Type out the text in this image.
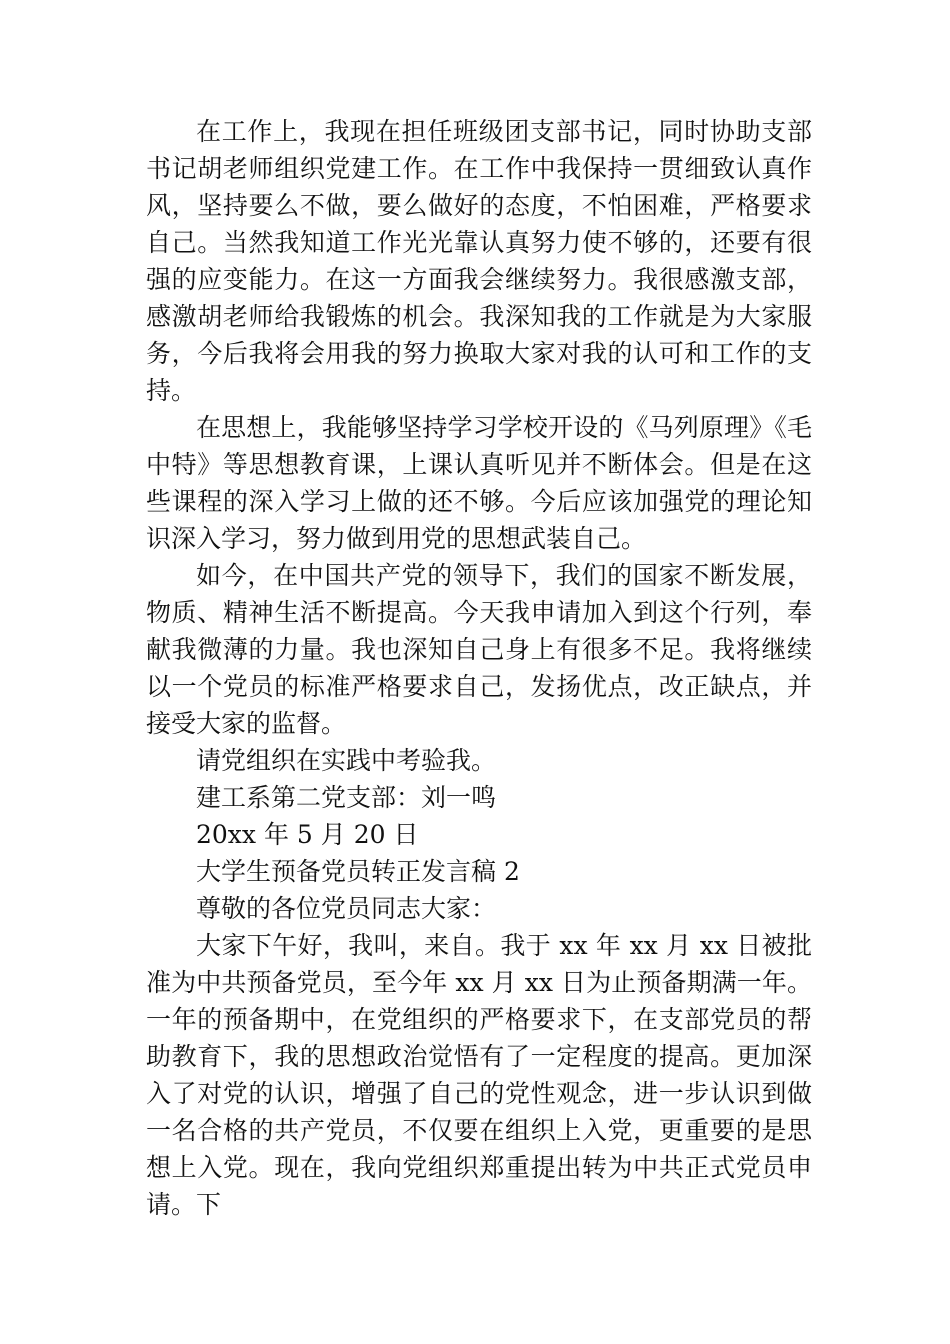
在工作上，我现在担任班级团支部书记，同时协助支部书记胡老师组织党建工作。在工作中我保持一贯细致认真作风，坚持要么不做，要么做好的态度，不怕困难，严格要求自己。当然我知道工作光光靠认真努力使不够的，还要有很强的应变能力。在这一方面我会继续努力。我很感激支部，感激胡老师给我锻炼的机会。我深知我的工作就是为大家服务，今后我将会用我的努力换取大家对我的认可和工作的支持。

在思想上，我能够坚持学习学校开设的《马列原理》《毛中特》等思想教育课，上课认真听见并不断体会。但是在这些课程的深入学习上做的还不够。今后应该加强党的理论知识深入学习，努力做到用党的思想武装自己。

如今，在中国共产党的领导下，我们的国家不断发展，物质、精神生活不断提高。今天我申请加入到这个行列，奉献我微薄的力量。我也深知自己身上有很多不足。我将继续以一个党员的标准严格要求自己，发扬优点，改正缺点，并接受大家的监督。

请党组织在实践中考验我。

建工系第二党支部：刘一鸣

20xx 年 5 月 20 日

大学生预备党员转正发言稿 2

尊敬的各位党员同志大家：

大家下午好，我叫，来自。我于 xx 年 xx 月 xx 日被批准为中共预备党员，至今年 xx 月 xx 日为止预备期满一年。一年的预备期中，在党组织的严格要求下，在支部党员的帮助教育下，我的思想政治觉悟有了一定程度的提高。更加深入了对党的认识，增强了自己的党性观念，进一步认识到做一名合格的共产党员，不仅要在组织上入党，更重要的是思想上入党。现在，我向党组织郑重提出转为中共正式党员申请。下
